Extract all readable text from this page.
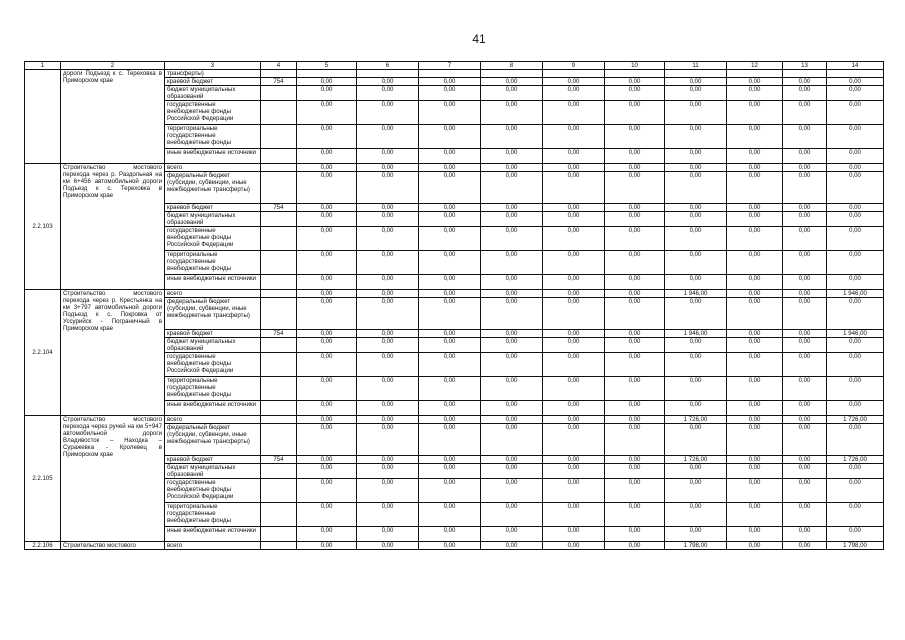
41
1	2	3	4	5	6	7	8	9	10	11	12	13	14
	дороги Подъезд к с. Тереховка в Приморском крае	трансферты)											
		краевой бюджет	754	0,00	0,00	0,00	0,00	0,00	0,00	0,00	0,00	0,00	0,00
		бюджет муниципальных образований		0,00	0,00	0,00	0,00	0,00	0,00	0,00	0,00	0,00	0,00
		государственные внебюджетные фонды Российской Федерации		0,00	0,00	0,00	0,00	0,00	0,00	0,00	0,00	0,00	0,00
		территориальные государственные внебюджетные фонды		0,00	0,00	0,00	0,00	0,00	0,00	0,00	0,00	0,00	0,00
		иные внебюджетные источники		0,00	0,00	0,00	0,00	0,00	0,00	0,00	0,00	0,00	0,00
2.2.103	Строительство мостового перехода через р. Раздольная на км 6+456 автомобильной дороги Подъезд к с. Тереховка в Приморском крае	всего		0,00	0,00	0,00	0,00	0,00	0,00	0,00	0,00	0,00	0,00
		федеральный бюджет (субсидии, субвенции, иные межбюджетные трансферты)		0,00	0,00	0,00	0,00	0,00	0,00	0,00	0,00	0,00	0,00
		краевой бюджет	754	0,00	0,00	0,00	0,00	0,00	0,00	0,00	0,00	0,00	0,00
		бюджет муниципальных образований		0,00	0,00	0,00	0,00	0,00	0,00	0,00	0,00	0,00	0,00
		государственные внебюджетные фонды Российской Федерации		0,00	0,00	0,00	0,00	0,00	0,00	0,00	0,00	0,00	0,00
		территориальные государственные внебюджетные фонды		0,00	0,00	0,00	0,00	0,00	0,00	0,00	0,00	0,00	0,00
		иные внебюджетные источники		0,00	0,00	0,00	0,00	0,00	0,00	0,00	0,00	0,00	0,00
2.2.104	Строительство мостового перехода через р. Крестьянка на км 3+797 автомобильной дороги Подъезд к с. Покровка от Уссурийск - Пограничный в Приморском крае	всего		0,00	0,00	0,00	0,00	0,00	0,00	1 946,00	0,00	0,00	1 946,00
		федеральный бюджет (субсидии, субвенции, иные межбюджетные трансферты)		0,00	0,00	0,00	0,00	0,00	0,00	0,00	0,00	0,00	0,00
		краевой бюджет	754	0,00	0,00	0,00	0,00	0,00	0,00	1 946,00	0,00	0,00	1 946,00
		бюджет муниципальных образований		0,00	0,00	0,00	0,00	0,00	0,00	0,00	0,00	0,00	0,00
		государственные внебюджетные фонды Российской Федерации		0,00	0,00	0,00	0,00	0,00	0,00	0,00	0,00	0,00	0,00
		территориальные государственные внебюджетные фонды		0,00	0,00	0,00	0,00	0,00	0,00	0,00	0,00	0,00	0,00
		иные внебюджетные источники		0,00	0,00	0,00	0,00	0,00	0,00	0,00	0,00	0,00	0,00
2.2.105	Строительство мостового перехода через ручей на км 5+947 автомобильной дороги Владивосток – Находка – Суражевка - Кролевец в Приморском крае	всего		0,00	0,00	0,00	0,00	0,00	0,00	1 726,00	0,00	0,00	1 726,00
		федеральный бюджет (субсидии, субвенции, иные межбюджетные трансферты)		0,00	0,00	0,00	0,00	0,00	0,00	0,00	0,00	0,00	0,00
		краевой бюджет	754	0,00	0,00	0,00	0,00	0,00	0,00	1 726,00	0,00	0,00	1 726,00
		бюджет муниципальных образований		0,00	0,00	0,00	0,00	0,00	0,00	0,00	0,00	0,00	0,00
		государственные внебюджетные фонды Российской Федерации		0,00	0,00	0,00	0,00	0,00	0,00	0,00	0,00	0,00	0,00
		территориальные государственные внебюджетные фонды		0,00	0,00	0,00	0,00	0,00	0,00	0,00	0,00	0,00	0,00
		иные внебюджетные источники		0,00	0,00	0,00	0,00	0,00	0,00	0,00	0,00	0,00	0,00
2.2.106	Строительство мостового	всего		0,00	0,00	0,00	0,00	0,00	0,00	1 798,00	0,00	0,00	1 798,00
